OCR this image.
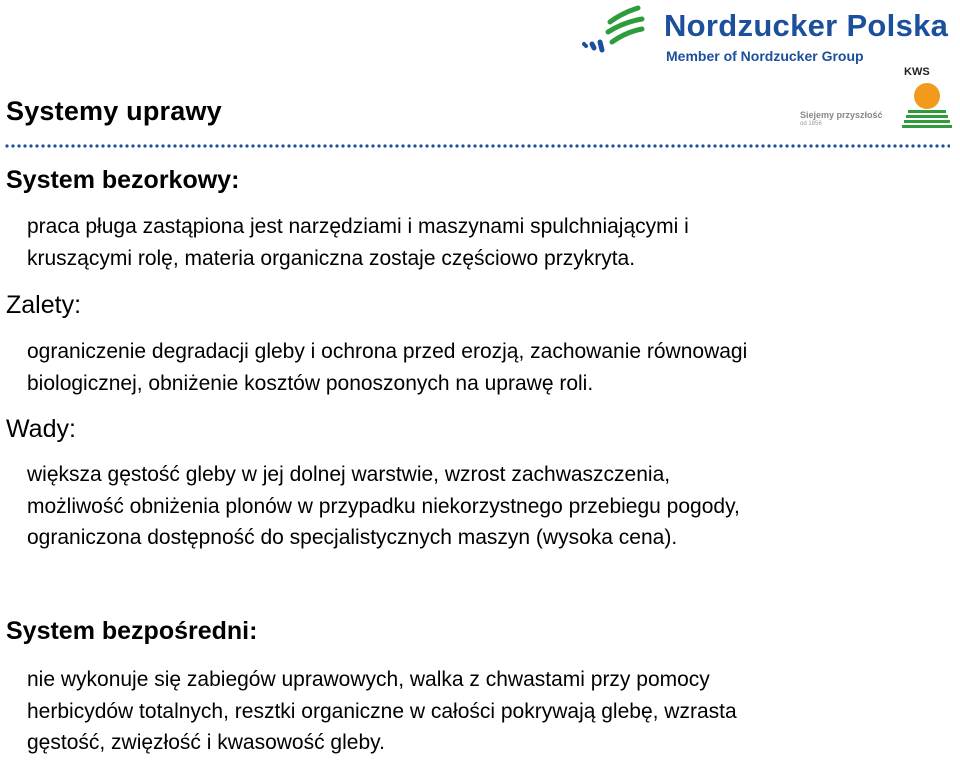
Nordzucker Polska
Member of Nordzucker Group
KWS
Siejemy przyszłość
od 1856
Systemy uprawy
System bezorkowy:
praca pługa zastąpiona jest narzędziami i maszynami spulchniającymi i
kruszącymi rolę, materia organiczna zostaje częściowo przykryta.
Zalety:
ograniczenie degradacji gleby i ochrona przed erozją, zachowanie równowagi
biologicznej, obniżenie kosztów ponoszonych na uprawę roli.
Wady:
większa gęstość gleby w jej dolnej warstwie, wzrost zachwaszczenia,
możliwość obniżenia plonów w przypadku niekorzystnego przebiegu pogody,
ograniczona dostępność do specjalistycznych maszyn (wysoka cena).
System bezpośredni:
nie wykonuje się zabiegów uprawowych, walka z chwastami przy pomocy
herbicydów totalnych, resztki organiczne w całości pokrywają glebę, wzrasta
gęstość, zwięzłość i kwasowość gleby.
